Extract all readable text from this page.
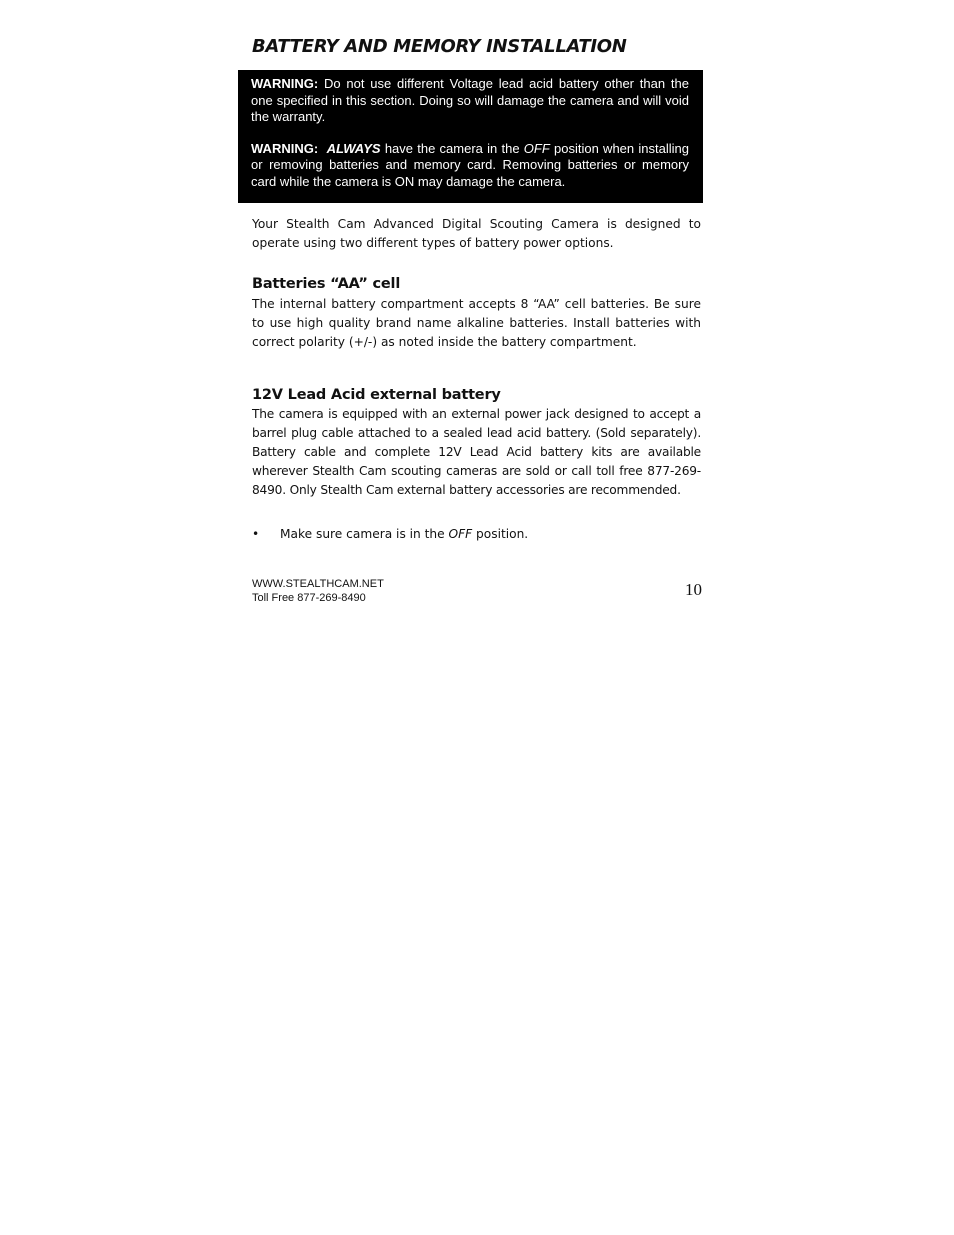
BATTERY AND MEMORY INSTALLATION

WARNING: Do not use different Voltage lead acid battery other than the one specified in this section. Doing so will damage the camera and will void the warranty.

WARNING: ALWAYS have the camera in the OFF position when installing or removing batteries and memory card. Removing batteries or memory card while the camera is ON may damage the camera.

Your Stealth Cam Advanced Digital Scouting Camera is designed to operate using two different types of battery power options.

Batteries “AA” cell

The internal battery compartment accepts 8 “AA” cell batteries. Be sure to use high quality brand name alkaline batteries. Install batteries with correct polarity (+/-) as noted inside the battery compartment.

12V Lead Acid external battery

The camera is equipped with an external power jack designed to accept a barrel plug cable attached to a sealed lead acid battery. (Sold separately). Battery cable and complete 12V Lead Acid battery kits are available wherever Stealth Cam scouting cameras are sold or call toll free 877-269-8490. Only Stealth Cam external battery accessories are recommended.

• Make sure camera is in the OFF position.
WWW.STEALTHCAM.NET
Toll Free 877-269-8490	10
